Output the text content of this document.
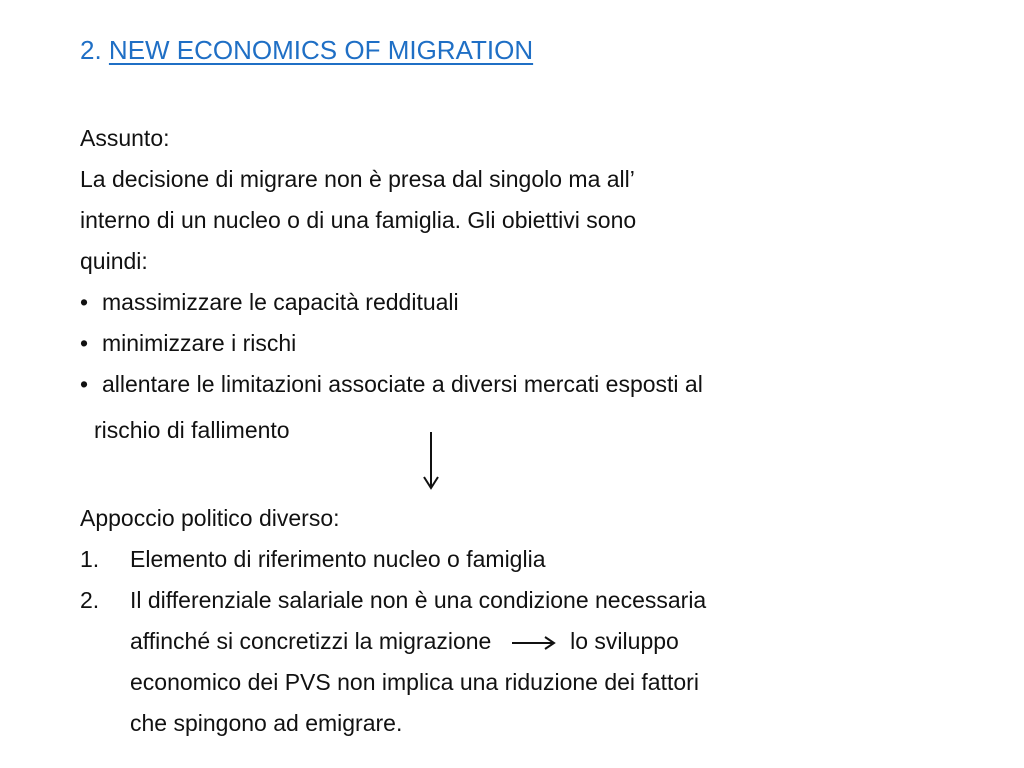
2. NEW ECONOMICS OF MIGRATION
Assunto:
La decisione di migrare non è presa dal singolo ma all’
interno di un nucleo o di una famiglia. Gli obiettivi sono
quindi:
• massimizzare le capacità reddituali
• minimizzare i rischi
• allentare le limitazioni associate a diversi mercati esposti al
rischio di fallimento
Appoccio politico diverso:
1. Elemento di riferimento nucleo o famiglia
2. Il differenziale salariale non è una condizione necessaria
affinché si concretizzi la migrazione	lo sviluppo
economico dei PVS non implica una riduzione dei fattori
che spingono ad emigrare.
